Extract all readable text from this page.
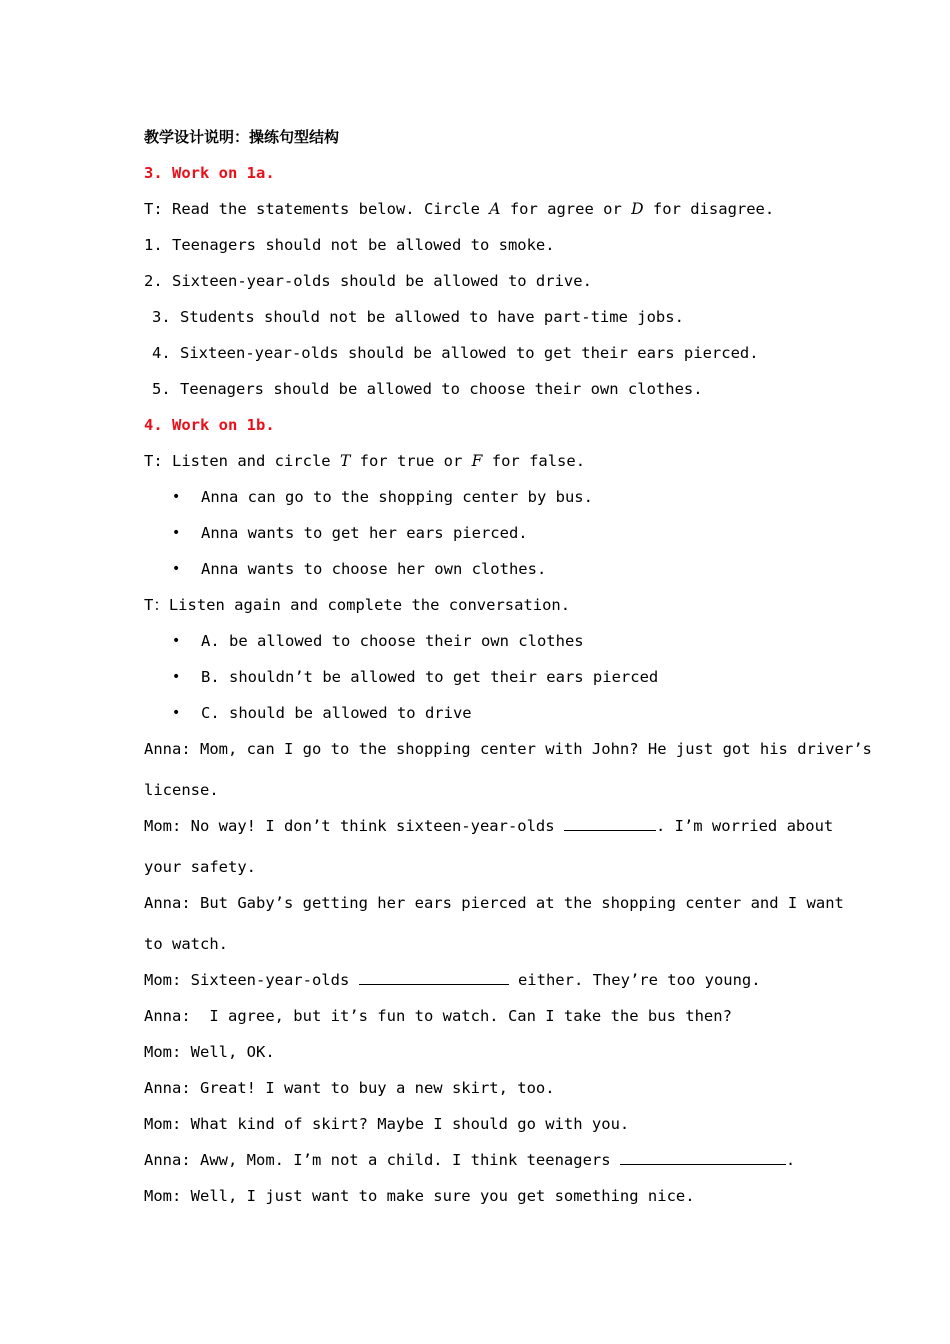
教学设计说明：操练句型结构
3. Work on 1a.
T: Read the statements below. Circle A for agree or D for disagree.
1. Teenagers should not be allowed to smoke.
2. Sixteen-year-olds should be allowed to drive.
3. Students should not be allowed to have part-time jobs.
4. Sixteen-year-olds should be allowed to get their ears pierced.
5. Teenagers should be allowed to choose their own clothes.
4. Work on 1b.
T: Listen and circle T for true or F for false.
• Anna can go to the shopping center by bus.
• Anna wants to get her ears pierced.
• Anna wants to choose her own clothes.
T：Listen again and complete the conversation.
• A. be allowed to choose their own clothes
• B. shouldn’t be allowed to get their ears pierced
• C. should be allowed to drive
Anna: Mom, can I go to the shopping center with John? He just got his driver’s
license.
Mom: No way! I don’t think sixteen-year-olds	. I’m worried about
your safety.
Anna: But Gaby’s getting her ears pierced at the shopping center and I want
to watch.
Mom: Sixteen-year-olds	either. They’re too young.
Anna:  I agree, but it’s fun to watch. Can I take the bus then?
Mom: Well, OK.
Anna: Great! I want to buy a new skirt, too.
Mom: What kind of skirt? Maybe I should go with you.
Anna: Aww, Mom. I’m not a child. I think teenagers	.
Mom: Well, I just want to make sure you get something nice.
